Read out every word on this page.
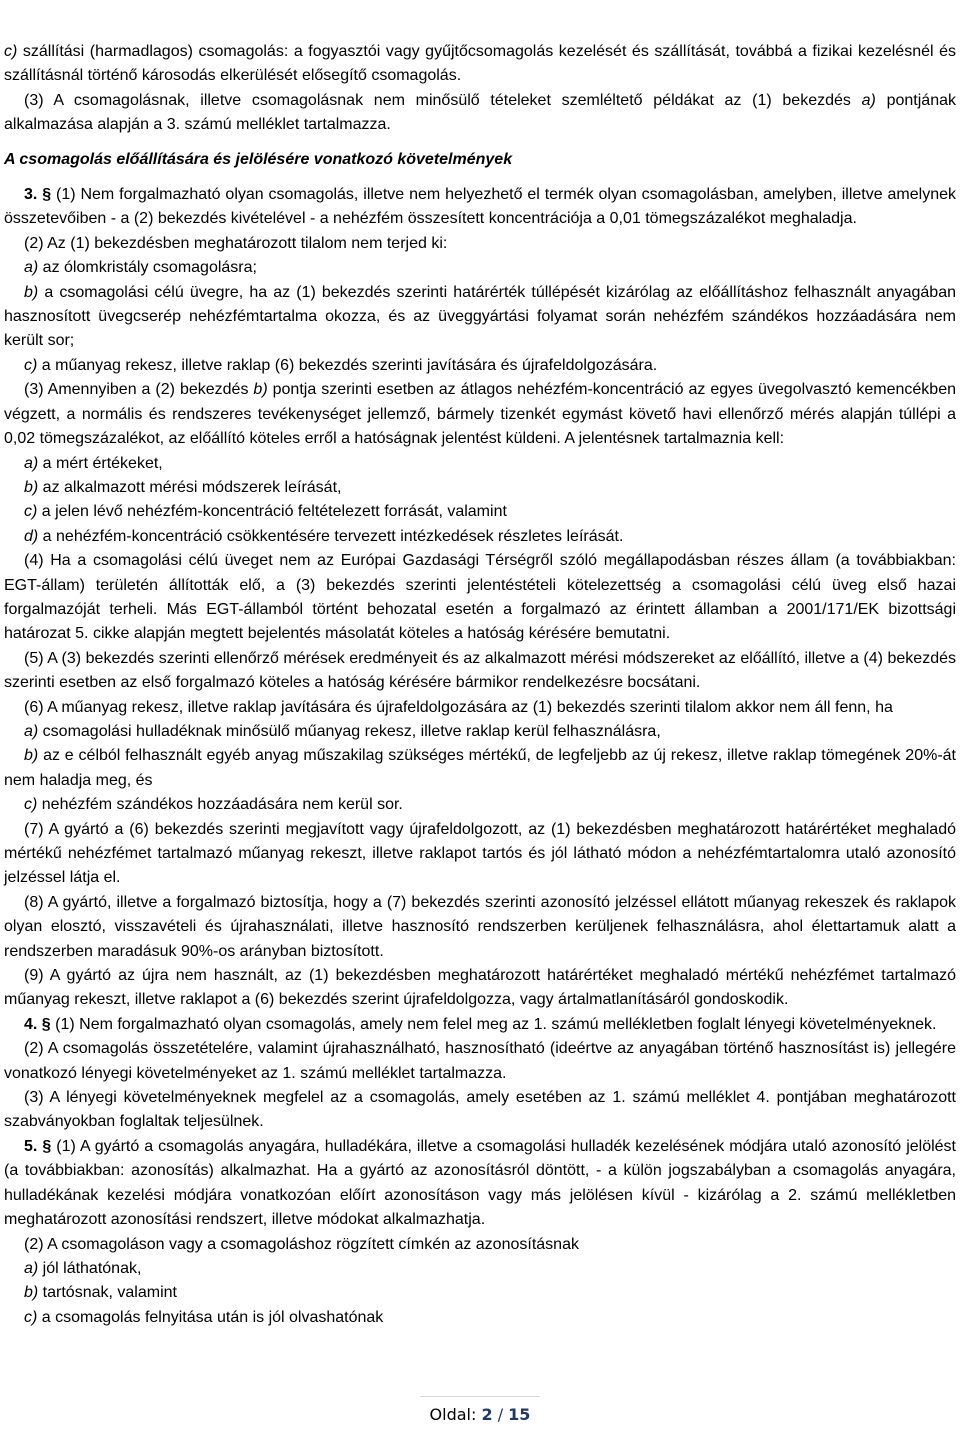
c) szállítási (harmadlagos) csomagolás: a fogyasztói vagy gyűjtőcsomagolás kezelését és szállítását, továbbá a fizikai kezelésnél és szállításnál történő károsodás elkerülését elősegítő csomagolás.

(3) A csomagolásnak, illetve csomagolásnak nem minősülő tételeket szemléltető példákat az (1) bekezdés a) pontjának alkalmazása alapján a 3. számú melléklet tartalmazza.

A csomagolás előállítására és jelölésére vonatkozó követelmények

3. § (1) Nem forgalmazható olyan csomagolás, illetve nem helyezhető el termék olyan csomagolásban, amelyben, illetve amelynek összetevőiben - a (2) bekezdés kivételével - a nehézfém összesített koncentrációja a 0,01 tömegszázalékot meghaladja.

(2) Az (1) bekezdésben meghatározott tilalom nem terjed ki:

a) az ólomkristály csomagolásra;

b) a csomagolási célú üvegre, ha az (1) bekezdés szerinti határérték túllépését kizárólag az előállításhoz felhasznált anyagában hasznosított üvegcserép nehézfémtartalma okozza, és az üveggyártási folyamat során nehézfém szándékos hozzáadására nem került sor;

c) a műanyag rekesz, illetve raklap (6) bekezdés szerinti javítására és újrafeldolgozására.

(3) Amennyiben a (2) bekezdés b) pontja szerinti esetben az átlagos nehézfém-koncentráció az egyes üvegolvasztó kemencékben végzett, a normális és rendszeres tevékenységet jellemző, bármely tizenkét egymást követő havi ellenőrző mérés alapján túllépi a 0,02 tömegszázalékot, az előállító köteles erről a hatóságnak jelentést küldeni. A jelentésnek tartalmaznia kell:

a) a mért értékeket,

b) az alkalmazott mérési módszerek leírását,

c) a jelen lévő nehézfém-koncentráció feltételezett forrását, valamint

d) a nehézfém-koncentráció csökkentésére tervezett intézkedések részletes leírását.

(4) Ha a csomagolási célú üveget nem az Európai Gazdasági Térségről szóló megállapodásban részes állam (a továbbiakban: EGT-állam) területén állították elő, a (3) bekezdés szerinti jelentéstételi kötelezettség a csomagolási célú üveg első hazai forgalmazóját terheli. Más EGT-államból történt behozatal esetén a forgalmazó az érintett államban a 2001/171/EK bizottsági határozat 5. cikke alapján megtett bejelentés másolatát köteles a hatóság kérésére bemutatni.

(5) A (3) bekezdés szerinti ellenőrző mérések eredményeit és az alkalmazott mérési módszereket az előállító, illetve a (4) bekezdés szerinti esetben az első forgalmazó köteles a hatóság kérésére bármikor rendelkezésre bocsátani.

(6) A műanyag rekesz, illetve raklap javítására és újrafeldolgozására az (1) bekezdés szerinti tilalom akkor nem áll fenn, ha

a) csomagolási hulladéknak minősülő műanyag rekesz, illetve raklap kerül felhasználásra,

b) az e célból felhasznált egyéb anyag műszakilag szükséges mértékű, de legfeljebb az új rekesz, illetve raklap tömegének 20%-át nem haladja meg, és

c) nehézfém szándékos hozzáadására nem kerül sor.

(7) A gyártó a (6) bekezdés szerinti megjavított vagy újrafeldolgozott, az (1) bekezdésben meghatározott határértéket meghaladó mértékű nehézfémet tartalmazó műanyag rekeszt, illetve raklapot tartós és jól látható módon a nehézfémtartalomra utaló azonosító jelzéssel látja el.

(8) A gyártó, illetve a forgalmazó biztosítja, hogy a (7) bekezdés szerinti azonosító jelzéssel ellátott műanyag rekeszek és raklapok olyan elosztó, visszavételi és újrahasználati, illetve hasznosító rendszerben kerüljenek felhasználásra, ahol élettartamuk alatt a rendszerben maradásuk 90%-os arányban biztosított.

(9) A gyártó az újra nem használt, az (1) bekezdésben meghatározott határértéket meghaladó mértékű nehézfémet tartalmazó műanyag rekeszt, illetve raklapot a (6) bekezdés szerint újrafeldolgozza, vagy ártalmatlanításáról gondoskodik.

4. § (1) Nem forgalmazható olyan csomagolás, amely nem felel meg az 1. számú mellékletben foglalt lényegi követelményeknek.

(2) A csomagolás összetételére, valamint újrahasználható, hasznosítható (ideértve az anyagában történő hasznosítást is) jellegére vonatkozó lényegi követelményeket az 1. számú melléklet tartalmazza.

(3) A lényegi követelményeknek megfelel az a csomagolás, amely esetében az 1. számú melléklet 4. pontjában meghatározott szabványokban foglaltak teljesülnek.

5. § (1) A gyártó a csomagolás anyagára, hulladékára, illetve a csomagolási hulladék kezelésének módjára utaló azonosító jelölést (a továbbiakban: azonosítás) alkalmazhat. Ha a gyártó az azonosításról döntött, - a külön jogszabályban a csomagolás anyagára, hulladékának kezelési módjára vonatkozóan előírt azonosításon vagy más jelölésen kívül - kizárólag a 2. számú mellékletben meghatározott azonosítási rendszert, illetve módokat alkalmazhatja.

(2) A csomagoláson vagy a csomagoláshoz rögzített címkén az azonosításnak

a) jól láthatónak,

b) tartósnak, valamint

c) a csomagolás felnyitása után is jól olvashatónak

Oldal: 2 / 15
